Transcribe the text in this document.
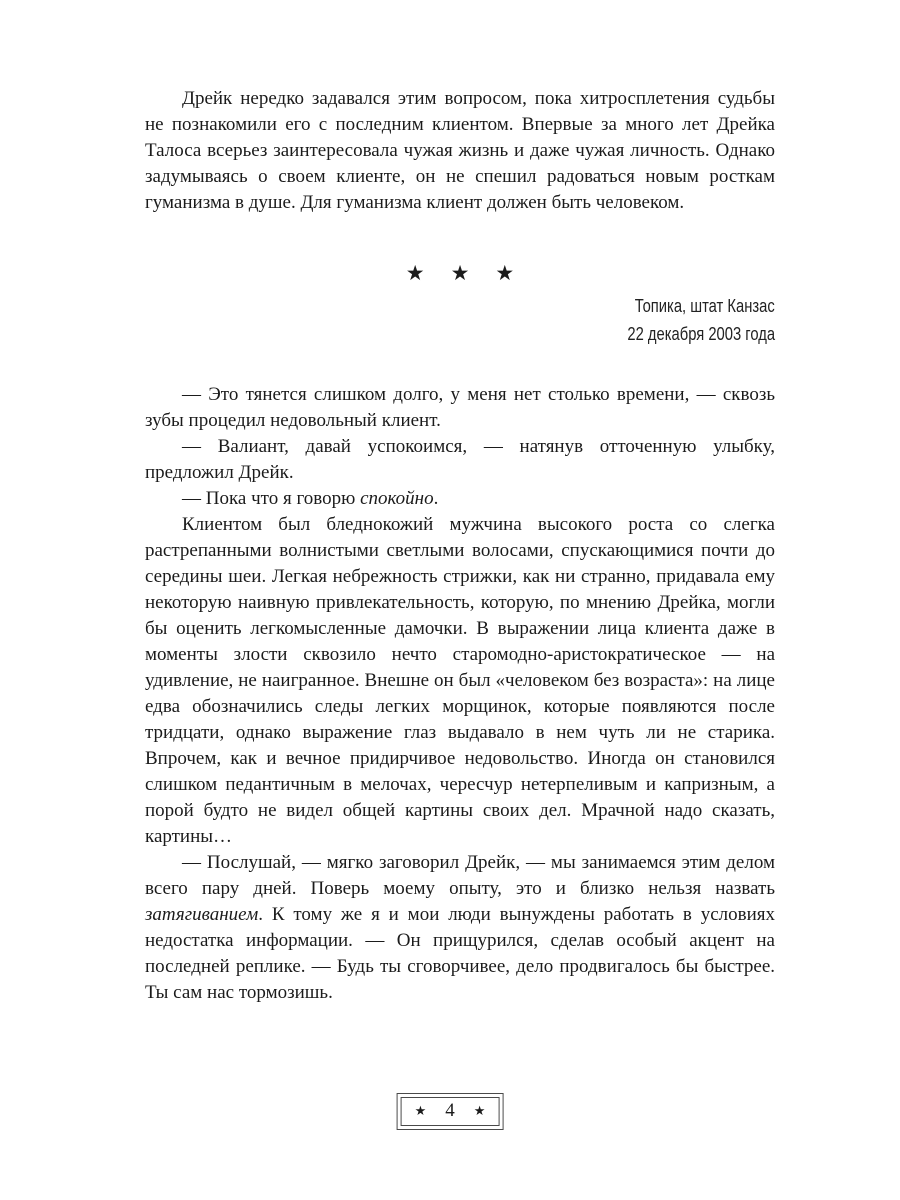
Дрейк нередко задавался этим вопросом, пока хитросплетения судьбы не познакомили его с последним клиентом. Впервые за много лет Дрейка Талоса всерьез заинтересовала чужая жизнь и даже чужая личность. Однако задумываясь о своем клиенте, он не спешил радоваться новым росткам гуманизма в душе. Для гуманизма клиент должен быть человеком.

★ ★ ★
Топика, штат Канзас
22 декабря 2003 года

— Это тянется слишком долго, у меня нет столько времени, — сквозь зубы процедил недовольный клиент.

— Валиант, давай успокоимся, — натянув отточенную улыбку, предложил Дрейк.

— Пока что я говорю спокойно.

Клиентом был бледнокожий мужчина высокого роста со слегка растрепанными волнистыми светлыми волосами, спускающимися почти до середины шеи. Легкая небрежность стрижки, как ни странно, придавала ему некоторую наивную привлекательность, которую, по мнению Дрейка, могли бы оценить легкомысленные дамочки. В выражении лица клиента даже в моменты злости сквозило нечто старомодно-аристократическое — на удивление, не наигранное. Внешне он был «человеком без возраста»: на лице едва обозначились следы легких морщинок, которые появляются после тридцати, однако выражение глаз выдавало в нем чуть ли не старика. Впрочем, как и вечное придирчивое недовольство. Иногда он становился слишком педантичным в мелочах, чересчур нетерпеливым и капризным, а порой будто не видел общей картины своих дел. Мрачной надо сказать, картины…

— Послушай, — мягко заговорил Дрейк, — мы занимаемся этим делом всего пару дней. Поверь моему опыту, это и близко нельзя назвать затягиванием. К тому же я и мои люди вынуждены работать в условиях недостатка информации. — Он прищурился, сделав особый акцент на последней реплике. — Будь ты сговорчивее, дело продвигалось бы быстрее. Ты сам нас тормозишь.

★ 4 ★
